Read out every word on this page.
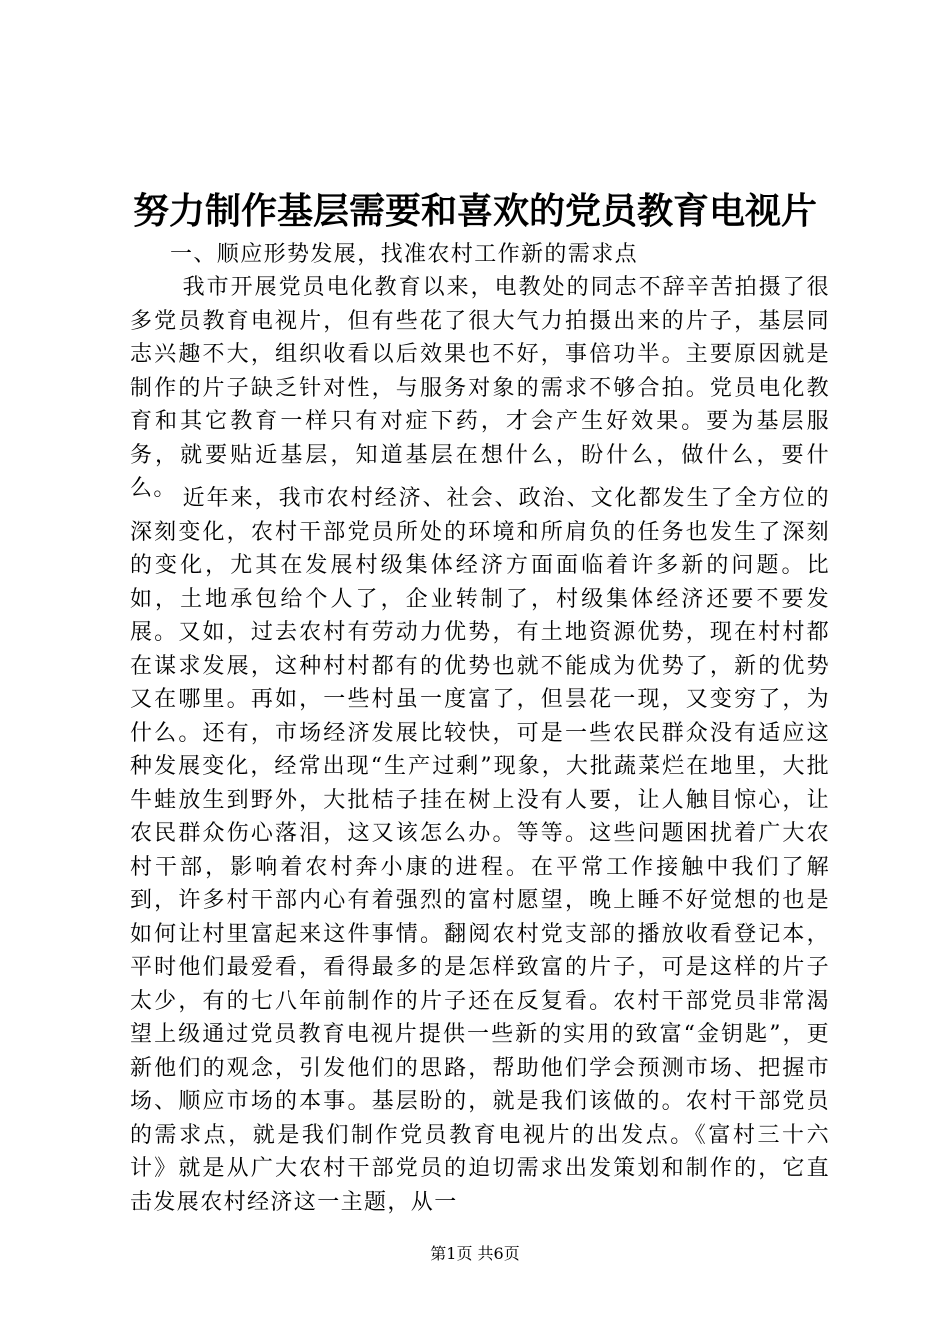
努力制作基层需要和喜欢的党员教育电视片

一、顺应形势发展，找准农村工作新的需求点

我市开展党员电化教育以来，电教处的同志不辞辛苦拍摄了很多党员教育电视片，但有些花了很大气力拍摄出来的片子，基层同志兴趣不大，组织收看以后效果也不好，事倍功半。主要原因就是制作的片子缺乏针对性，与服务对象的需求不够合拍。党员电化教育和其它教育一样只有对症下药，才会产生好效果。要为基层服务，就要贴近基层，知道基层在想什么，盼什么，做什么，要什么。 近年来，我市农村经济、社会、政治、文化都发生了全方位的深刻变化，农村干部党员所处的环境和所肩负的任务也发生了深刻的变化，尤其在发展村级集体经济方面面临着许多新的问题。比如，土地承包给个人了，企业转制了，村级集体经济还要不要发展。又如，过去农村有劳动力优势，有土地资源优势，现在村村都在谋求发展，这种村村都有的优势也就不能成为优势了，新的优势又在哪里。再如，一些村虽一度富了，但昙花一现，又变穷了，为什么。还有，市场经济发展比较快，可是一些农民群众没有适应这种发展变化，经常出现“生产过剩”现象，大批蔬菜烂在地里，大批牛蛙放生到野外，大批桔子挂在树上没有人要，让人触目惊心，让农民群众伤心落泪，这又该怎么办。等等。这些问题困扰着广大农村干部，影响着农村奔小康的进程。在平常工作接触中我们了解到，许多村干部内心有着强烈的富村愿望，晚上睡不好觉想的也是如何让村里富起来这件事情。翻阅农村党支部的播放收看登记本，平时他们最爱看，看得最多的是怎样致富的片子，可是这样的片子太少，有的七八年前制作的片子还在反复看。农村干部党员非常渴望上级通过党员教育电视片提供一些新的实用的致富“金钥匙”，更新他们的观念，引发他们的思路，帮助他们学会预测市场、把握市场、顺应市场的本事。基层盼的，就是我们该做的。农村干部党员的需求点，就是我们制作党员教育电视片的出发点。《富村三十六计》就是从广大农村干部党员的迫切需求出发策划和制作的，它直击发展农村经济这一主题，从一

第1页 共6页
